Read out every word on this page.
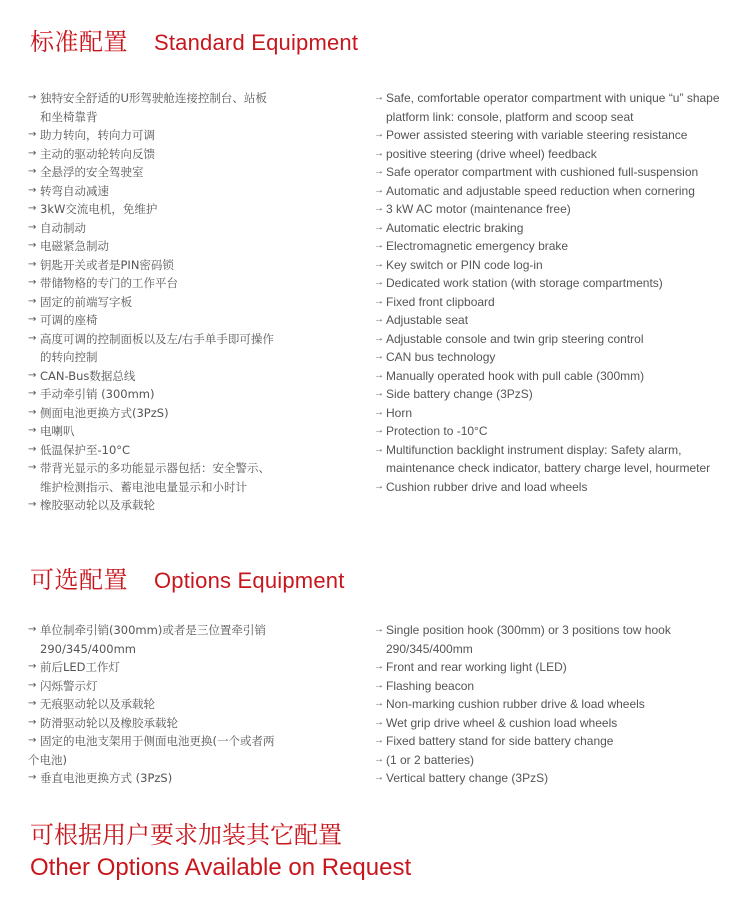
标准配置 Standard Equipment
→ 独特安全舒适的U形驾驶舱连接控制台、站板
和坐椅靠背
→ 助力转向，转向力可调
→ 主动的驱动轮转向反馈
→ 全悬浮的安全驾驶室
→ 转弯自动减速
→ 3kW交流电机，免维护
→ 自动制动
→ 电磁紧急制动
→ 钥匙开关或者是PIN密码锁
→ 带储物格的专门的工作平台
→ 固定的前端写字板
→ 可调的座椅
→ 高度可调的控制面板以及左/右手单手即可操作
的转向控制
→ CAN-Bus数据总线
→ 手动牵引销 (300mm)
→ 侧面电池更换方式(3PzS)
→ 电喇叭
→ 低温保护至-10°C
→ 带背光显示的多功能显示器包括：安全警示、
维护检测指示、蓄电池电量显示和小时计
→ 橡胶驱动轮以及承载轮
→ Safe, comfortable operator compartment with unique “u” shape
platform link: console, platform and scoop seat
→ Power assisted steering with variable steering resistance
→ positive steering (drive wheel) feedback
→ Safe operator compartment with cushioned full-suspension
→ Automatic and adjustable speed reduction when cornering
→ 3 kW AC motor (maintenance free)
→ Automatic electric braking
→ Electromagnetic emergency brake
→ Key switch or PIN code log-in
→ Dedicated work station (with storage compartments)
→ Fixed front clipboard
→ Adjustable seat
→ Adjustable console and twin grip steering control
→ CAN bus technology
→ Manually operated hook with pull cable (300mm)
→ Side battery change (3PzS)
→ Horn
→ Protection to -10°C
→ Multifunction backlight instrument display: Safety alarm,
maintenance check indicator, battery charge level, hourmeter
→ Cushion rubber drive and load wheels
可选配置 Options Equipment
→ 单位制牵引销(300mm)或者是三位置牵引销
290/345/400mm
→ 前后LED工作灯
→ 闪烁警示灯
→ 无痕驱动轮以及承载轮
→ 防滑驱动轮以及橡胶承载轮
→ 固定的电池支架用于侧面电池更换(一个或者两
个电池)
→ 垂直电池更换方式 (3PzS)
→ Single position hook (300mm) or 3 positions tow hook
290/345/400mm
→ Front and rear working light (LED)
→ Flashing beacon
→ Non-marking cushion rubber drive & load wheels
→ Wet grip drive wheel & cushion load wheels
→ Fixed battery stand for side battery change
→ (1 or 2 batteries)
→ Vertical battery change (3PzS)
可根据用户要求加装其它配置
Other Options Available on Request
